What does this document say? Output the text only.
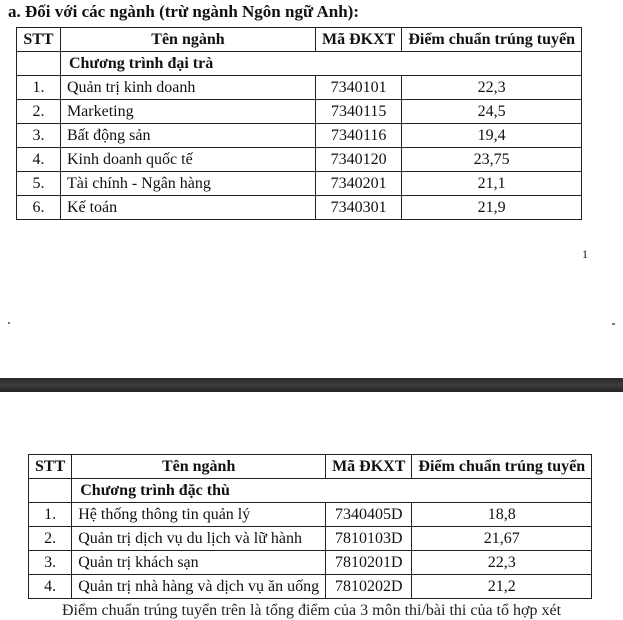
a. Đối với các ngành (trừ ngành Ngôn ngữ Anh):
STT	Tên ngành	Mã ĐKXT	Điểm chuẩn trúng tuyển
	Chương trình đại trà		
1.	Quản trị kinh doanh	7340101	22,3
2.	Marketing	7340115	24,5
3.	Bất động sản	7340116	19,4
4.	Kinh doanh quốc tế	7340120	23,75
5.	Tài chính - Ngân hàng	7340201	21,1
6.	Kế toán	7340301	21,9
1
STT	Tên ngành	Mã ĐKXT	Điểm chuẩn trúng tuyển
	Chương trình đặc thù		
1.	Hệ thống thông tin quản lý	7340405D	18,8
2.	Quản trị dịch vụ du lịch và lữ hành	7810103D	21,67
3.	Quản trị khách sạn	7810201D	22,3
4.	Quản trị nhà hàng và dịch vụ ăn uống	7810202D	21,2
Điểm chuẩn trúng tuyển trên là tổng điểm của 3 môn thi/bài thi của tổ hợp xét
